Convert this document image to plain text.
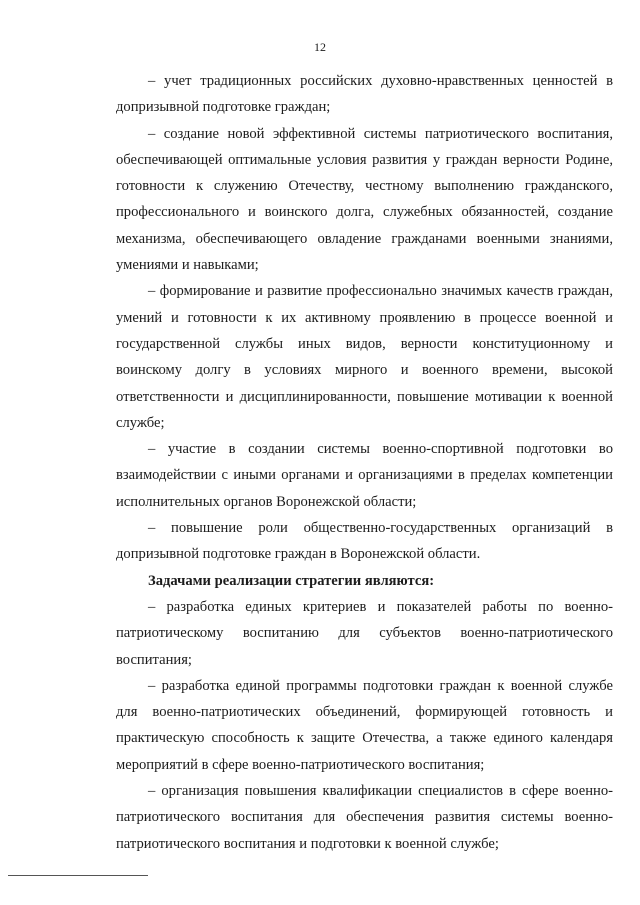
12

– учет традиционных российских духовно-нравственных ценностей в допризывной подготовке граждан;

– создание новой эффективной системы патриотического воспитания, обеспечивающей оптимальные условия развития у граждан верности Родине, готовности к служению Отечеству, честному выполнению гражданского, профессионального и воинского долга, служебных обязанностей, создание механизма, обеспечивающего овладение гражданами военными знаниями, умениями и навыками;

– формирование и развитие профессионально значимых качеств граждан, умений и готовности к их активному проявлению в процессе военной и государственной службы иных видов, верности конституционному и воинскому долгу в условиях мирного и военного времени, высокой ответственности и дисциплинированности, повышение мотивации к военной службе;

– участие в создании системы военно-спортивной подготовки во взаимодействии с иными органами и организациями в пределах компетенции исполнительных органов Воронежской области;

– повышение роли общественно-государственных организаций в допризывной подготовке граждан в Воронежской области.

Задачами реализации стратегии являются:

– разработка единых критериев и показателей работы по военно-патриотическому воспитанию для субъектов военно-патриотического воспитания;

– разработка единой программы подготовки граждан к военной службе для военно-патриотических объединений, формирующей готовность и практическую способность к защите Отечества, а также единого календаря мероприятий в сфере военно-патриотического воспитания;

– организация повышения квалификации специалистов в сфере военно-патриотического воспитания для обеспечения развития системы военно-патриотического воспитания и подготовки к военной службе;
